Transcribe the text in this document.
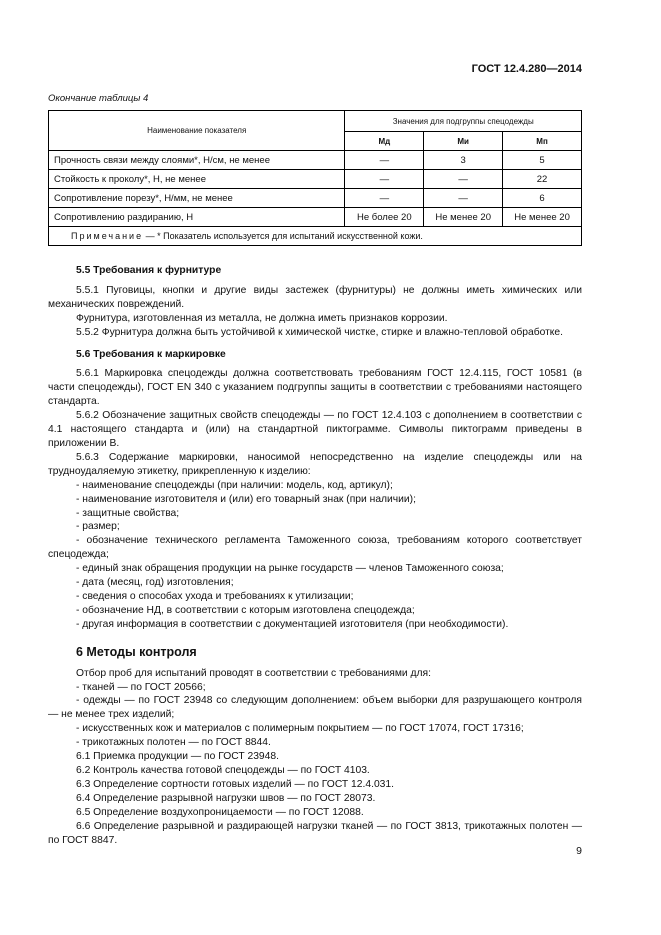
ГОСТ 12.4.280—2014
Окончание таблицы 4
Наименование показателя	Значения для подгруппы спецодежды		
	Мд	Ми	Мп
Прочность связи между слоями*, Н/см, не менее	—	3	5
Стойкость к проколу*, Н, не менее	—	—	22
Сопротивление порезу*, Н/мм, не менее	—	—	6
Сопротивлению раздиранию, Н	Не более 20	Не менее 20	Не менее 20
Примечание — * Показатель используется для испытаний искусственной кожи.			

5.5 Требования к фурнитуре

5.5.1 Пуговицы, кнопки и другие виды застежек (фурнитуры) не должны иметь химических или механических повреждений.

Фурнитура, изготовленная из металла, не должна иметь признаков коррозии.

5.5.2 Фурнитура должна быть устойчивой к химической чистке, стирке и влажно-тепловой обработке.

5.6 Требования к маркировке

5.6.1 Маркировка спецодежды должна соответствовать требованиям ГОСТ 12.4.115, ГОСТ 10581 (в части спецодежды), ГОСТ EN 340 с указанием подгруппы защиты в соответствии с требованиями настоящего стандарта.

5.6.2 Обозначение защитных свойств спецодежды — по ГОСТ 12.4.103 с дополнением в соответствии с 4.1 настоящего стандарта и (или) на стандартной пиктограмме. Символы пиктограмм приведены в приложении В.

5.6.3 Содержание маркировки, наносимой непосредственно на изделие спецодежды или на трудноудаляемую этикетку, прикрепленную к изделию:

- наименование спецодежды (при наличии: модель, код, артикул);

- наименование изготовителя и (или) его товарный знак (при наличии);

- защитные свойства;

- размер;

- обозначение технического регламента Таможенного союза, требованиям которого соответствует спецодежда;

- единый знак обращения продукции на рынке государств — членов Таможенного союза;

- дата (месяц, год) изготовления;

- сведения о способах ухода и требованиях к утилизации;

- обозначение НД, в соответствии с которым изготовлена спецодежда;

- другая информация в соответствии с документацией изготовителя (при необходимости).

6 Методы контроля

Отбор проб для испытаний проводят в соответствии с требованиями для:

- тканей — по ГОСТ 20566;

- одежды — по ГОСТ 23948 со следующим дополнением: объем выборки для разрушающего контроля — не менее трех изделий;

- искусственных кож и материалов с полимерным покрытием — по ГОСТ 17074, ГОСТ 17316;

- трикотажных полотен — по ГОСТ 8844.

6.1 Приемка продукции — по ГОСТ 23948.

6.2 Контроль качества готовой спецодежды — по ГОСТ 4103.

6.3 Определение сортности готовых изделий — по ГОСТ 12.4.031.

6.4 Определение разрывной нагрузки швов — по ГОСТ 28073.

6.5 Определение воздухопроницаемости — по ГОСТ 12088.

6.6 Определение разрывной и раздирающей нагрузки тканей — по ГОСТ 3813, трикотажных полотен — по ГОСТ 8847.

9
